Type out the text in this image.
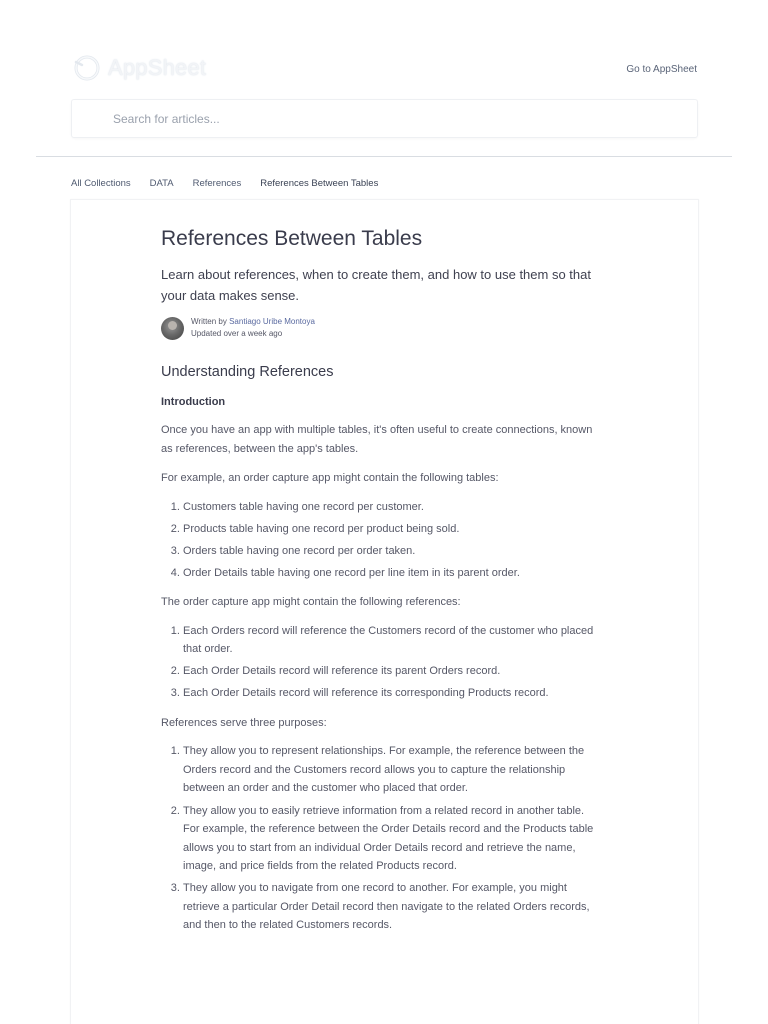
AppSheet	Go to AppSheet
Search for articles...
All Collections DATA References References Between Tables
References Between Tables

Learn about references, when to create them, and how to use them so that your data makes sense.

Written by Santiago Uribe Montoya
Updated over a week ago
Understanding References
Introduction

Once you have an app with multiple tables, it's often useful to create connections, known as references, between the app's tables.

For example, an order capture app might contain the following tables:

1. Customers table having one record per customer.
2. Products table having one record per product being sold.
3. Orders table having one record per order taken.
4. Order Details table having one record per line item in its parent order.

The order capture app might contain the following references:

1. Each Orders record will reference the Customers record of the customer who placed that order.
2. Each Order Details record will reference its parent Orders record.
3. Each Order Details record will reference its corresponding Products record.

References serve three purposes:

1. They allow you to represent relationships. For example, the reference between the Orders record and the Customers record allows you to capture the relationship between an order and the customer who placed that order.
2. They allow you to easily retrieve information from a related record in another table. For example, the reference between the Order Details record and the Products table allows you to start from an individual Order Details record and retrieve the name, image, and price fields from the related Products record.
3. They allow you to navigate from one record to another. For example, you might retrieve a particular Order Detail record then navigate to the related Orders records, and then to the related Customers records.
